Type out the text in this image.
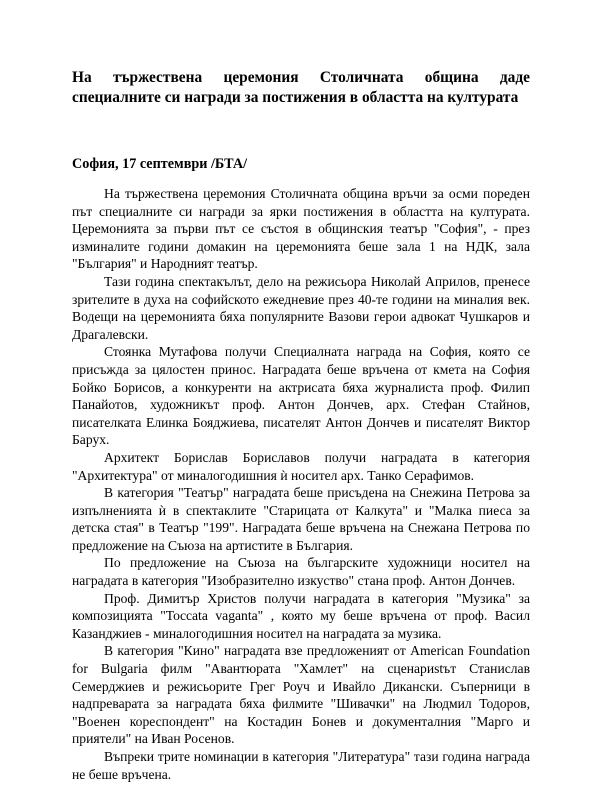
На тържествена церемония Столичната община даде специалните си награди за постижения в областта на културата
София, 17 септември /БТА/

На тържествена церемония Столичната община връчи за осми пореден път специалните си награди за ярки постижения в областта на културата. Церемонията за първи път се състоя в общинския театър "София", - през изминалите години домакин на церемонията беше зала 1 на НДК, зала "България" и Народният театър.

Тази година спектакълът, дело на режисьора Николай Априлов, пренесе зрителите в духа на софийското ежедневие през 40-те години на миналия век. Водещи на церемонията бяха популярните Вазови герои адвокат Чушкаров и Драгалевски.

Стоянка Мутафова получи Специалната награда на София, която се присъжда за цялостен принос. Наградата беше връчена от кмета на София Бойко Борисов, а конкуренти на актрисата бяха журналиста проф. Филип Панайотов, художникът проф. Антон Дончев, арх. Стефан Стайнов, писателката Елинка Бояджиева, писателят Антон Дончев и писателят Виктор Барух.

Архитект Борислав Бориславов получи наградата в категория "Архитектура" от миналогодишния ѝ носител арх. Танко Серафимов.

В категория "Театър" наградата беше присъдена на Снежина Петрова за изпълненията ѝ в спектаклите "Старицата от Калкута" и "Малка пиеса за детска стая" в Театър "199". Наградата беше връчена на Снежана Петрова по предложение на Съюза на артистите в България.

По предложение на Съюза на българските художници носител на наградата в категория "Изобразително изкуство" стана проф. Антон Дончев.

Проф. Димитър Христов получи наградата в категория "Музика" за композицията "Toccata vaganta" , която му беше връчена от проф. Васил Казанджиев - миналогодишния носител на наградата за музика.

В категория "Кино" наградата взе предложеният от American Foundation for Bulgaria филм "Авантюрата "Хамлет" на сценариstът Станислав Семерджиев и режисьорите Грег Роуч и Ивайло Дикански. Съперници в надпреварата за наградата бяха филмите "Шивачки" на Людмил Тодоров, "Военен кореспондент" на Костадин Бонев и документалния "Марго и приятели" на Иван Росенов.

Въпреки трите номинации в категория "Литература" тази година награда не беше връчена.
